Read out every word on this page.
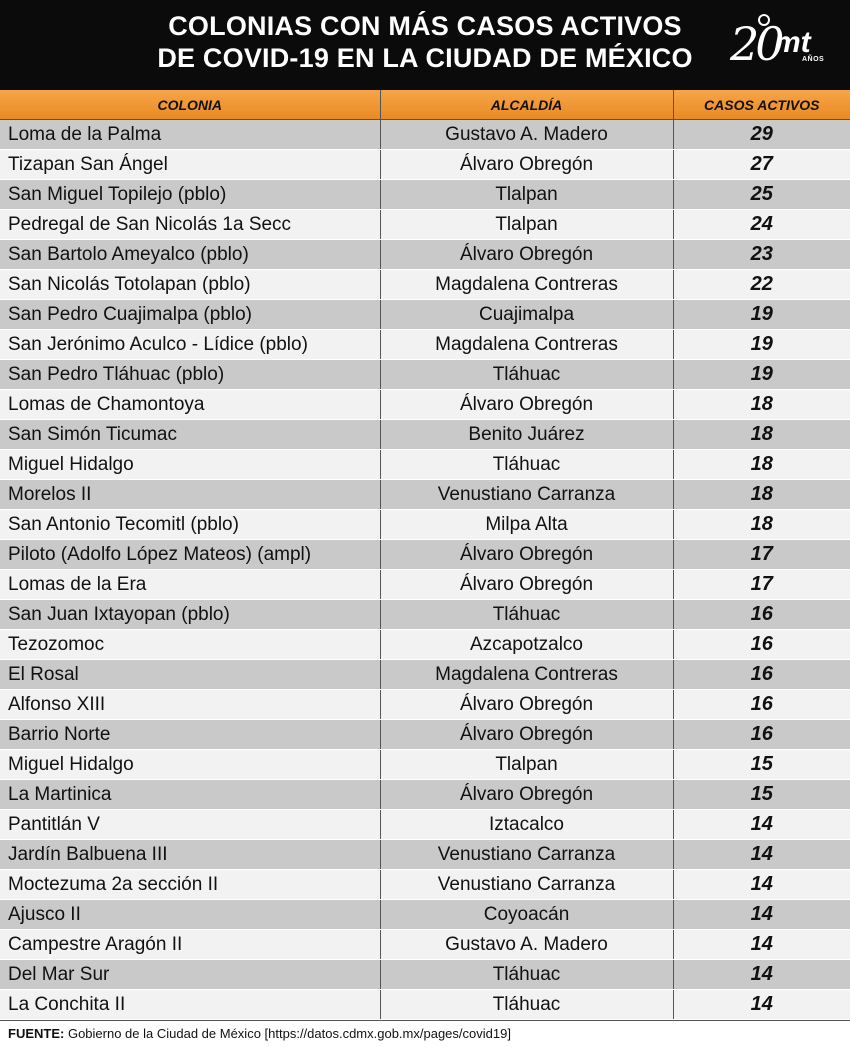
COLONIAS CON MÁS CASOS ACTIVOS
DE COVID-19 EN LA CIUDAD DE MÉXICO 20
mt
AÑOS
COLONIA	ALCALDÍA	CASOS ACTIVOS
Loma de la Palma	Gustavo A. Madero	29
Tizapan San Ángel	Álvaro Obregón	27
San Miguel Topilejo (pblo)	Tlalpan	25
Pedregal de San Nicolás 1a Secc	Tlalpan	24
San Bartolo Ameyalco (pblo)	Álvaro Obregón	23
San Nicolás Totolapan (pblo)	Magdalena Contreras	22
San Pedro Cuajimalpa (pblo)	Cuajimalpa	19
San Jerónimo Aculco - Lídice (pblo)	Magdalena Contreras	19
San Pedro Tláhuac (pblo)	Tláhuac	19
Lomas de Chamontoya	Álvaro Obregón	18
San Simón Ticumac	Benito Juárez	18
Miguel Hidalgo	Tláhuac	18
Morelos II	Venustiano Carranza	18
San Antonio Tecomitl (pblo)	Milpa Alta	18
Piloto (Adolfo López Mateos) (ampl)	Álvaro Obregón	17
Lomas de la Era	Álvaro Obregón	17
San Juan Ixtayopan (pblo)	Tláhuac	16
Tezozomoc	Azcapotzalco	16
El Rosal	Magdalena Contreras	16
Alfonso XIII	Álvaro Obregón	16
Barrio Norte	Álvaro Obregón	16
Miguel Hidalgo	Tlalpan	15
La Martinica	Álvaro Obregón	15
Pantitlán V	Iztacalco	14
Jardín Balbuena III	Venustiano Carranza	14
Moctezuma 2a sección II	Venustiano Carranza	14
Ajusco II	Coyoacán	14
Campestre Aragón II	Gustavo A. Madero	14
Del Mar Sur	Tláhuac	14
La Conchita II	Tláhuac	14
FUENTE: Gobierno de la Ciudad de México [https://datos.cdmx.gob.mx/pages/covid19]
